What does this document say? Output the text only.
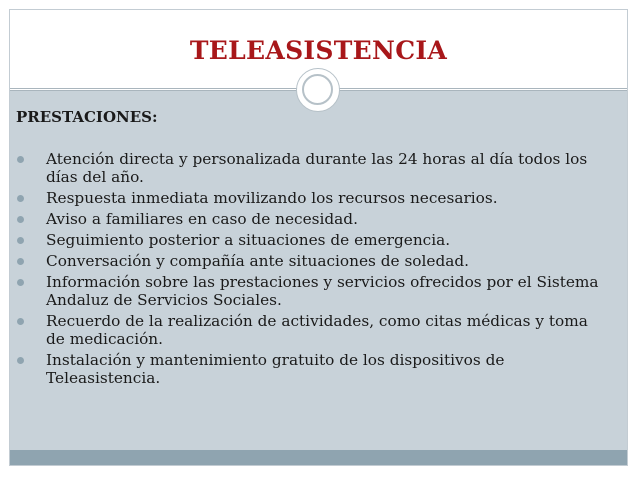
TELEASISTENCIA
PRESTACIONES:
Atención directa y personalizada durante las 24 horas al día todos los días del año.
Respuesta inmediata movilizando los recursos necesarios.
Aviso a familiares en caso de necesidad.
Seguimiento posterior a situaciones de emergencia.
Conversación y compañía ante situaciones de soledad.
Información sobre las prestaciones y servicios ofrecidos por el Sistema Andaluz de Servicios Sociales.
Recuerdo de la realización de actividades, como citas médicas y toma de medicación.
Instalación y mantenimiento gratuito de los dispositivos de Teleasistencia.
